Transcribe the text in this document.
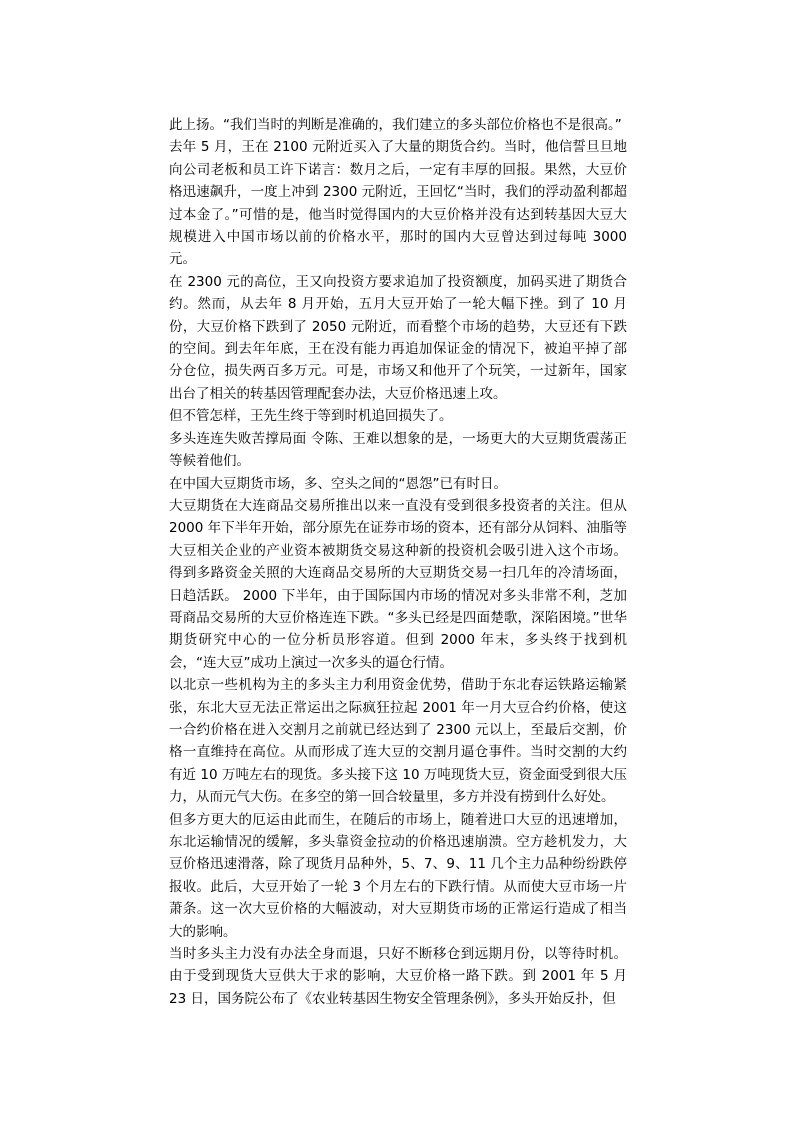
此上扬。“我们当时的判断是准确的，我们建立的多头部位价格也不是很高。”

去年 5 月，王在 2100 元附近买入了大量的期货合约。当时，他信誓旦旦地向公司老板和员工许下诺言：数月之后，一定有丰厚的回报。果然，大豆价格迅速飙升，一度上冲到 2300 元附近，王回忆“当时，我们的浮动盈利都超过本金了。”可惜的是，他当时觉得国内的大豆价格并没有达到转基因大豆大规模进入中国市场以前的价格水平，那时的国内大豆曾达到过每吨 3000 元。

在 2300 元的高位，王又向投资方要求追加了投资额度，加码买进了期货合约。然而，从去年 8 月开始，五月大豆开始了一轮大幅下挫。到了 10 月份，大豆价格下跌到了 2050 元附近，而看整个市场的趋势，大豆还有下跌的空间。到去年年底，王在没有能力再追加保证金的情况下，被迫平掉了部分仓位，损失两百多万元。可是，市场又和他开了个玩笑，一过新年，国家出台了相关的转基因管理配套办法，大豆价格迅速上攻。

但不管怎样，王先生终于等到时机追回损失了。

多头连连失败苦撑局面 令陈、王难以想象的是，一场更大的大豆期货震荡正等候着他们。

在中国大豆期货市场，多、空头之间的“恩怨”已有时日。

大豆期货在大连商品交易所推出以来一直没有受到很多投资者的关注。但从 2000 年下半年开始，部分原先在证券市场的资本，还有部分从饲料、油脂等大豆相关企业的产业资本被期货交易这种新的投资机会吸引进入这个市场。得到多路资金关照的大连商品交易所的大豆期货交易一扫几年的冷清场面，日趋活跃。 2000 下半年，由于国际国内市场的情况对多头非常不利，芝加哥商品交易所的大豆价格连连下跌。“多头已经是四面楚歌，深陷困境。”世华期货研究中心的一位分析员形容道。但到 2000 年末，多头终于找到机会，“连大豆”成功上演过一次多头的逼仓行情。

以北京一些机构为主的多头主力利用资金优势，借助于东北春运铁路运输紧张，东北大豆无法正常运出之际疯狂拉起 2001 年一月大豆合约价格，使这一合约价格在进入交割月之前就已经达到了 2300 元以上，至最后交割，价格一直维持在高位。从而形成了连大豆的交割月逼仓事件。当时交割的大约有近 10 万吨左右的现货。多头接下这 10 万吨现货大豆，资金面受到很大压力，从而元气大伤。在多空的第一回合较量里，多方并没有捞到什么好处。

但多方更大的厄运由此而生，在随后的市场上，随着进口大豆的迅速增加，东北运输情况的缓解，多头靠资金拉动的价格迅速崩溃。空方趁机发力，大豆价格迅速滑落，除了现货月品种外，5、7、9、11 几个主力品种纷纷跌停报收。此后，大豆开始了一轮 3 个月左右的下跌行情。从而使大豆市场一片萧条。这一次大豆价格的大幅波动，对大豆期货市场的正常运行造成了相当大的影响。

当时多头主力没有办法全身而退，只好不断移仓到远期月份，以等待时机。由于受到现货大豆供大于求的影响，大豆价格一路下跌。到 2001 年 5 月 23 日，国务院公布了《农业转基因生物安全管理条例》，多头开始反扑，但
